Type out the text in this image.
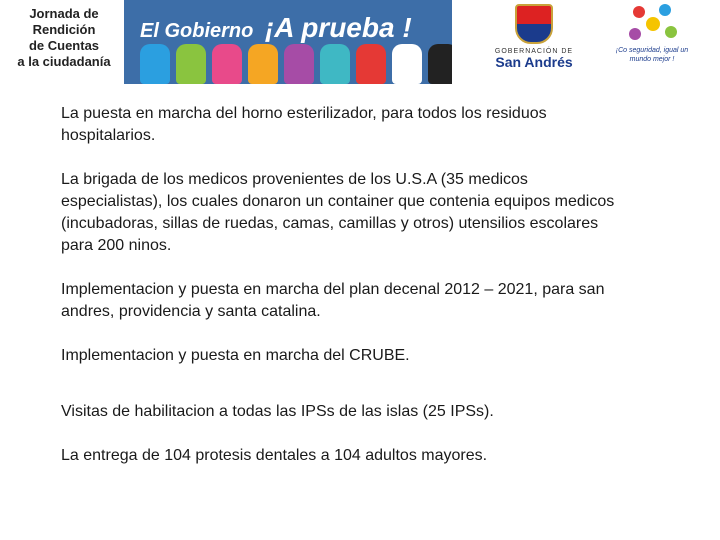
Jornada de
Rendición
de Cuentas
a la ciudadanía
El Gobierno ¡A prueba !
GOBERNACIÓN DE
San Andrés
¡Co seguridad, igual un mundo mejor !

La puesta en marcha del horno esterilizador, para todos los residuos hospitalarios.

La brigada de los medicos provenientes de los U.S.A (35 medicos especialistas), los cuales donaron un container que contenia equipos medicos (incubadoras, sillas de ruedas, camas, camillas y otros) utensilios escolares para 200 ninos.

Implementacion y puesta en marcha del plan decenal 2012 – 2021, para san andres, providencia y santa catalina.

Implementacion y puesta en marcha del CRUBE.

Visitas de habilitacion a todas las IPSs de las islas (25 IPSs).

La entrega de 104 protesis dentales a 104 adultos mayores.
